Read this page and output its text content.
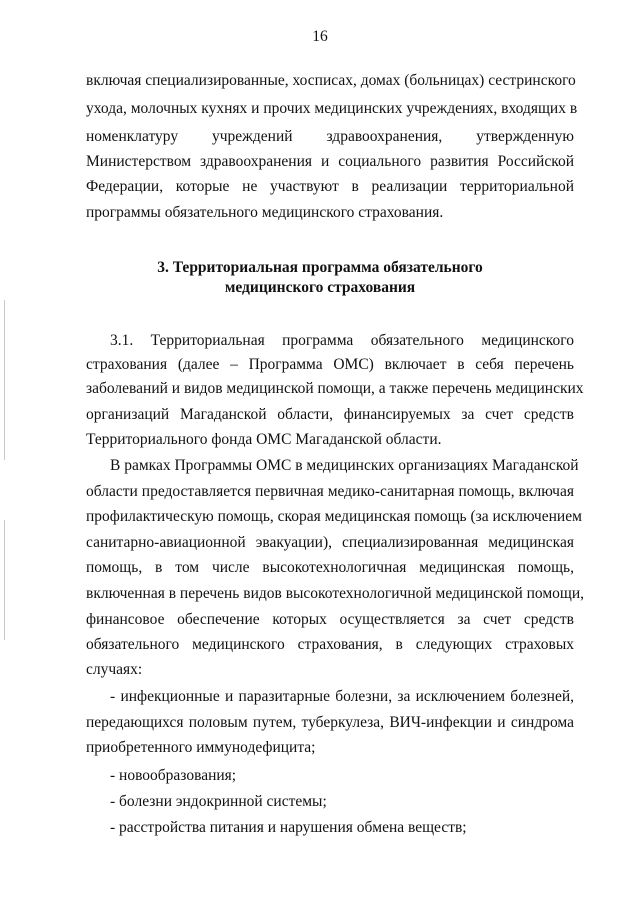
16
включая специализированные, хосписах, домах (больницах) сестринского
ухода, молочных кухнях и прочих медицинских учреждениях, входящих в
номенклатуру учреждений здравоохранения, утвержденную
Министерством здравоохранения и социального развития Российской
Федерации, которые не участвуют в реализации территориальной
программы обязательного медицинского страхования.
3. Территориальная программа обязательного
медицинского страхования
3.1. Территориальная программа обязательного медицинского
страхования (далее – Программа ОМС) включает в себя перечень
заболеваний и видов медицинской помощи, а также перечень медицинских
организаций Магаданской области, финансируемых за счет средств
Территориального фонда ОМС Магаданской области.
В рамках Программы ОМС в медицинских организациях Магаданской
области предоставляется первичная медико-санитарная помощь, включая
профилактическую помощь, скорая медицинская помощь (за исключением
санитарно-авиационной эвакуации), специализированная медицинская
помощь, в том числе высокотехнологичная медицинская помощь,
включенная в перечень видов высокотехнологичной медицинской помощи,
финансовое обеспечение которых осуществляется за счет средств
обязательного медицинского страхования, в следующих страховых
случаях:
- инфекционные и паразитарные болезни, за исключением болезней,
передающихся половым путем, туберкулеза, ВИЧ-инфекции и синдрома
приобретенного иммунодефицита;
- новообразования;
- болезни эндокринной системы;
- расстройства питания и нарушения обмена веществ;
